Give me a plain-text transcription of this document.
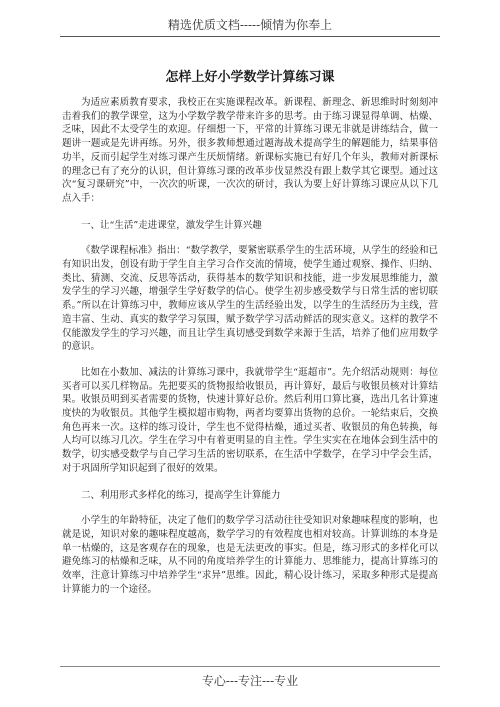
精选优质文档-----倾情为你奉上
怎样上好小学数学计算练习课

为适应素质教育要求，我校正在实施课程改革。新课程、新理念、新思维时时刻刻冲击着我们的教学课堂，这为小学数学教学带来许多的思考。由于练习课显得单调、枯燥、乏味，因此不太受学生的欢迎。仔细想一下，平常的计算练习课无非就是讲练结合，做一题讲一题或是先讲再练。另外，很多教师想通过题海战术提高学生的解题能力，结果事倍功半，反而引起学生对练习课产生厌烦情绪。新课标实施已有好几个年头，教师对新课标的理念已有了充分的认识，但计算练习课的改革步伐显然没有跟上数学其它课型。通过这次“复习课研究”中，一次次的听课，一次次的研讨，我认为要上好计算练习课应从以下几点入手：

一、让“生活”走进课堂，激发学生计算兴趣

《数学课程标准》指出：“数学教学，要紧密联系学生的生活环境，从学生的经验和已有知识出发，创设有助于学生自主学习合作交流的情境，使学生通过观察、操作、归纳、类比、猜测、交流、反思等活动，获得基本的数学知识和技能，进一步发展思维能力，激发学生的学习兴趣，增强学生学好数学的信心。使学生初步感受数学与日常生活的密切联系。”所以在计算练习中，教师应该从学生的生活经验出发，以学生的生活经历为主线，营造丰富、生动、真实的数学学习氛围，赋予数学学习活动鲜活的现实意义。这样的教学不仅能激发学生的学习兴趣，而且让学生真切感受到数学来源于生活，培养了他们应用数学的意识。

比如在小数加、减法的计算练习课中，我就带学生“逛超市”。先介绍活动规则：每位买者可以买几样物品。先把要买的货物报给收银员，再计算好，最后与收银员核对计算结果。收银员明到买者需要的货物，快速计算好总价。然后利用口算比赛，选出几名计算速度快的为收银员。其他学生模拟超市购物，两者均要算出货物的总价。一轮结束后，交换角色再来一次。这样的练习设计，学生也不觉得枯燥，通过买者、收银员的角色转换，每人均可以练习几次。学生在学习中有着更明显的自主性。学生实实在在地体会到生活中的数学，切实感受数学与自己学习生活的密切联系，在生活中学数学，在学习中学会生活，对于巩固所学知识起到了很好的效果。

二、利用形式多样化的练习，提高学生计算能力

小学生的年龄特征，决定了他们的数学学习活动往往受知识对象趣味程度的影响，也就是说，知识对象的趣味程度越高，数学学习的有效程度也相对较高。计算训练的本身是单一枯燥的，这是客观存在的现象，也是无法更改的事实。但是，练习形式的多样化可以避免练习的枯燥和乏味，从不同的角度培养学生的计算能力、思维能力，提高计算练习的效率，注意计算练习中培养学生“求异”思维。因此，精心设计练习，采取多种形式是提高计算能力的一个途径。

专心---专注---专业
